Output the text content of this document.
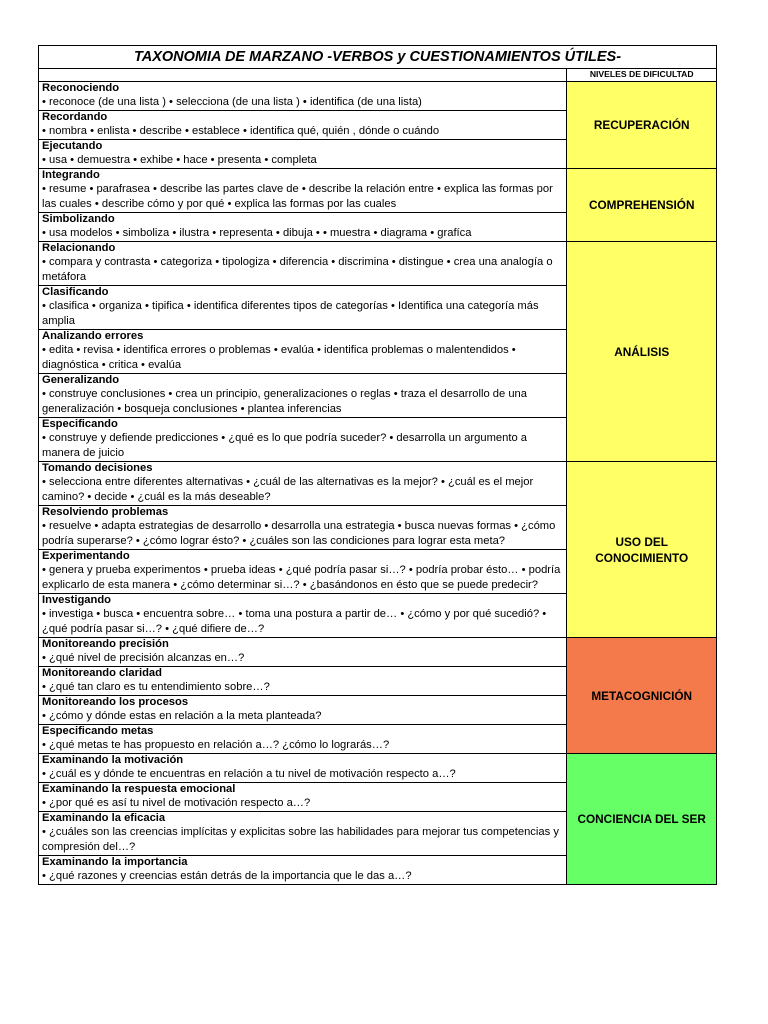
TAXONOMIA DE MARZANO -VERBOS y CUESTIONAMIENTOS ÚTILES-	
	NIVELES DE DIFICULTAD

Reconociendo
• reconoce (de una lista ) • selecciona (de una lista ) • identifica (de una lista)	RECUPERACIÓN

Recordando
• nombra • enlista • describe • establece • identifica qué, quién , dónde o cuándo	

Ejecutando
• usa • demuestra • exhibe • hace • presenta • completa	

Integrando
• resume • parafrasea • describe las partes clave de • describe la relación entre • explica las formas por las cuales • describe cómo y por qué • explica las formas por las cuales	COMPREHENSIÓN

Simbolizando
• usa modelos • simboliza • ilustra • representa • dibuja • • muestra • diagrama • grafíca	

Relacionando
• compara y contrasta • categoriza • tipologiza • diferencia • discrimina • distingue • crea una analogía o metáfora	ANÁLISIS

Clasificando
• clasifica • organiza • tipifica • identifica diferentes tipos de categorías • Identifica una categoría más amplia	

Analizando errores
• edita • revisa • identifica errores o problemas • evalúa • identifica problemas o malentendidos • diagnóstica • critica • evalúa	

Generalizando
• construye conclusiones • crea un principio, generalizaciones o reglas • traza el desarrollo de una generalización • bosqueja conclusiones • plantea inferencias	

Especificando
• construye y defiende predicciones • ¿qué es lo que podría suceder? • desarrolla un argumento a manera de juicio	

Tomando decisiones
• selecciona entre diferentes alternativas • ¿cuál de las alternativas es la mejor? • ¿cuál es el mejor camino? • decide • ¿cuál es la más deseable?	USO DEL CONOCIMIENTO

Resolviendo problemas
• resuelve • adapta estrategias de desarrollo • desarrolla una estrategia • busca nuevas formas • ¿cómo podría superarse? • ¿cómo lograr ésto? • ¿cuáles son las condiciones para lograr esta meta?	

Experimentando
• genera y prueba experimentos • prueba ideas • ¿qué podría pasar si…? • podría probar ésto… • podría explicarlo de esta manera • ¿cómo determinar si…? • ¿basándonos en ésto que se puede predecir?	

Investigando
• investiga • busca • encuentra sobre… • toma una postura a partir de… • ¿cómo y por qué sucedió? • ¿qué podría pasar si…? • ¿qué difiere de…?	

Monitoreando precisión
• ¿qué nivel de precisión alcanzas en…?	METACOGNICIÓN

Monitoreando claridad
• ¿qué tan claro es tu entendimiento sobre…?	

Monitoreando los procesos
• ¿cómo y dónde estas en relación a la meta planteada?	

Especificando metas
• ¿qué metas te has propuesto en relación a…? ¿cómo lo lograrás…?	

Examinando la motivación
• ¿cuál es y dónde te encuentras en relación a tu nivel de motivación respecto a…?	CONCIENCIA DEL SER

Examinando la respuesta emocional
• ¿por qué es así tu nivel de motivación respecto a…?	

Examinando la eficacia
• ¿cuáles son las creencias implícitas y explicitas sobre las habilidades para mejorar tus competencias y compresión del…?	

Examinando la importancia
• ¿qué razones y creencias están detrás de la importancia que le das a…?	
